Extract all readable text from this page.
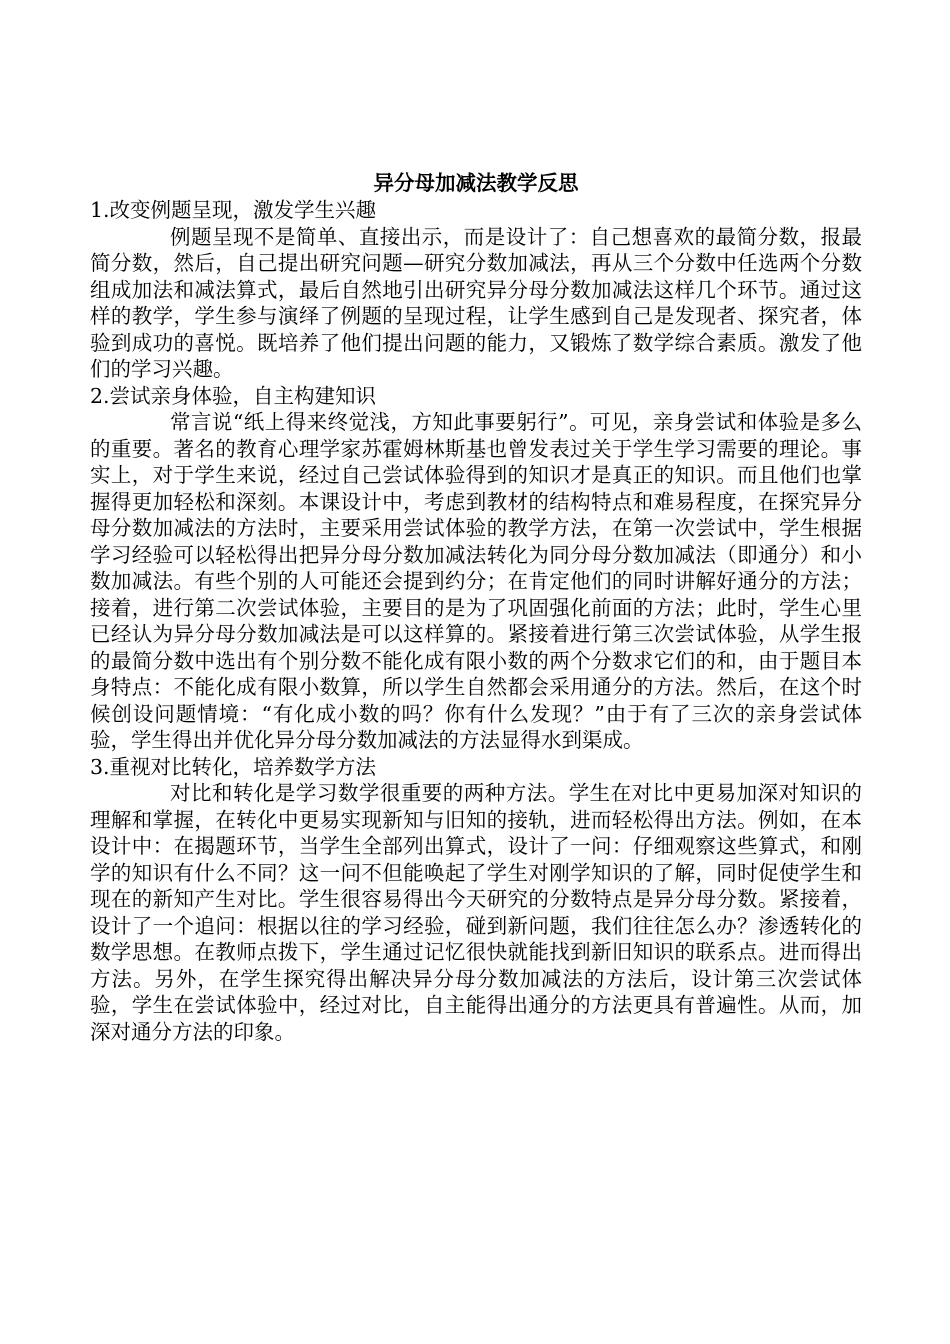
异分母加减法教学反思

1.改变例题呈现，激发学生兴趣

例题呈现不是简单、直接出示，而是设计了：自己想喜欢的最简分数，报最简分数，然后，自己提出研究问题—研究分数加减法，再从三个分数中任选两个分数组成加法和减法算式，最后自然地引出研究异分母分数加减法这样几个环节。通过这样的教学，学生参与演绎了例题的呈现过程，让学生感到自己是发现者、探究者，体验到成功的喜悦。既培养了他们提出问题的能力，又锻炼了数学综合素质。激发了他们的学习兴趣。

2.尝试亲身体验，自主构建知识

常言说“纸上得来终觉浅，方知此事要躬行”。可见，亲身尝试和体验是多么的重要。著名的教育心理学家苏霍姆林斯基也曾发表过关于学生学习需要的理论。事实上，对于学生来说，经过自己尝试体验得到的知识才是真正的知识。而且他们也掌握得更加轻松和深刻。本课设计中，考虑到教材的结构特点和难易程度，在探究异分母分数加减法的方法时，主要采用尝试体验的教学方法，在第一次尝试中，学生根据学习经验可以轻松得出把异分母分数加减法转化为同分母分数加减法（即通分）和小数加减法。有些个别的人可能还会提到约分；在肯定他们的同时讲解好通分的方法；接着，进行第二次尝试体验，主要目的是为了巩固强化前面的方法；此时，学生心里已经认为异分母分数加减法是可以这样算的。紧接着进行第三次尝试体验，从学生报的最简分数中选出有个别分数不能化成有限小数的两个分数求它们的和，由于题目本身特点：不能化成有限小数算，所以学生自然都会采用通分的方法。然后，在这个时候创设问题情境：“有化成小数的吗？你有什么发现？”由于有了三次的亲身尝试体验，学生得出并优化异分母分数加减法的方法显得水到渠成。

3.重视对比转化，培养数学方法

对比和转化是学习数学很重要的两种方法。学生在对比中更易加深对知识的理解和掌握，在转化中更易实现新知与旧知的接轨，进而轻松得出方法。例如，在本设计中：在揭题环节，当学生全部列出算式，设计了一问：仔细观察这些算式，和刚学的知识有什么不同？这一问不但能唤起了学生对刚学知识的了解，同时促使学生和现在的新知产生对比。学生很容易得出今天研究的分数特点是异分母分数。紧接着，设计了一个追问：根据以往的学习经验，碰到新问题，我们往往怎么办？渗透转化的数学思想。在教师点拨下，学生通过记忆很快就能找到新旧知识的联系点。进而得出方法。另外，在学生探究得出解决异分母分数加减法的方法后，设计第三次尝试体验，学生在尝试体验中，经过对比，自主能得出通分的方法更具有普遍性。从而，加深对通分方法的印象。
